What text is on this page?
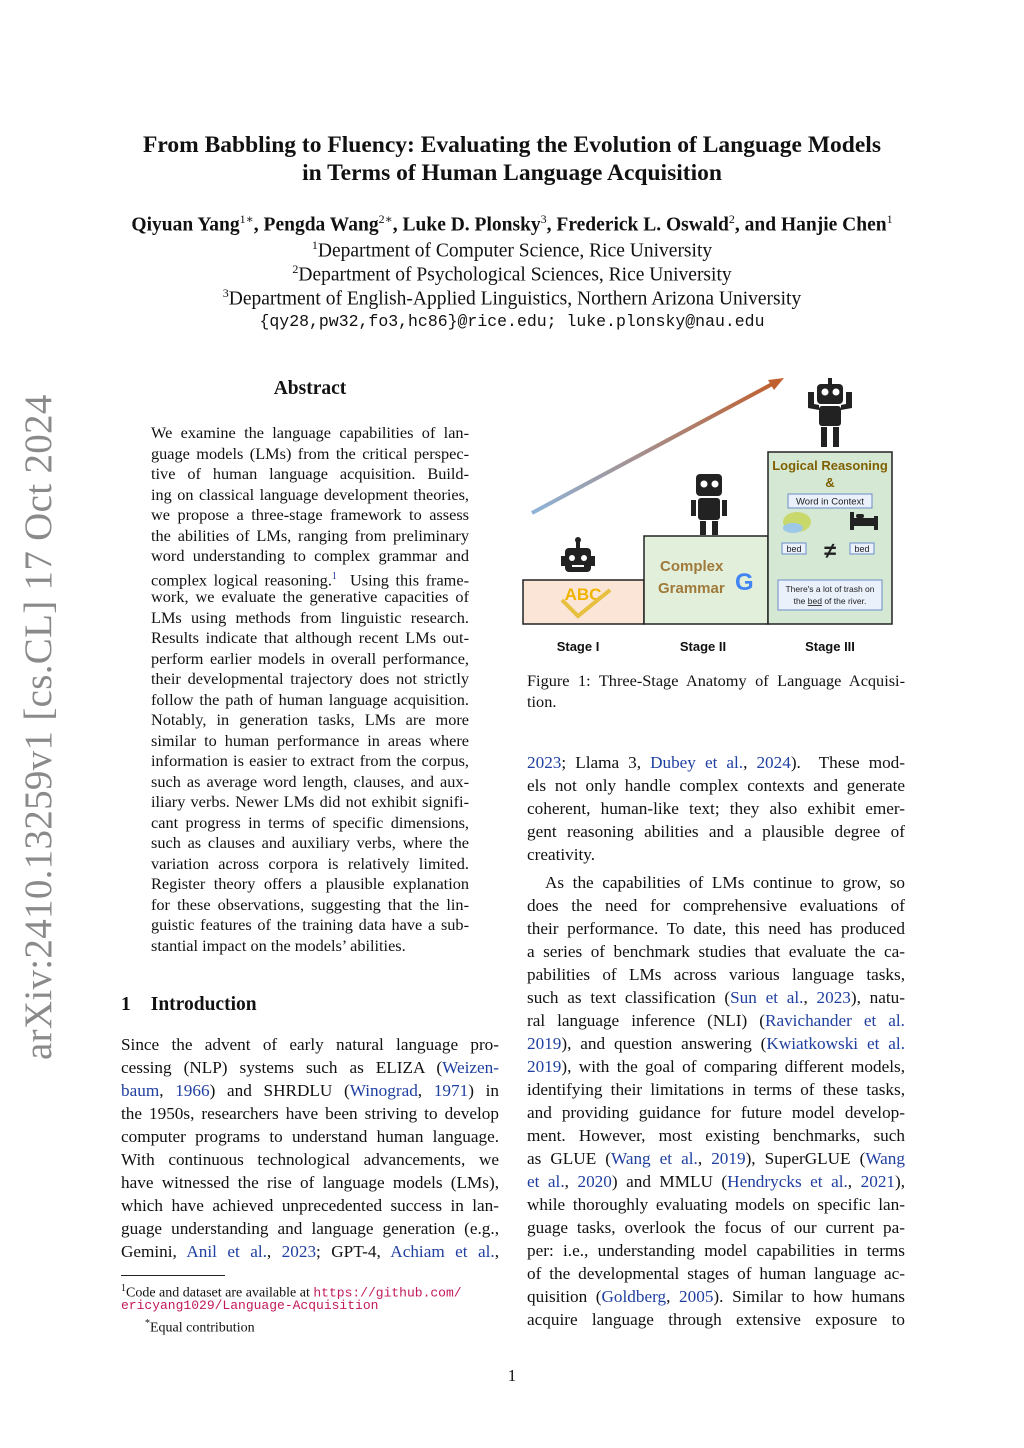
arXiv:2410.13259v1 [cs.CL] 17 Oct 2024
From Babbling to Fluency: Evaluating the Evolution of Language Models
in Terms of Human Language Acquisition
Qiyuan Yang$^{1∗}$, Pengda Wang$^{2∗}$, Luke D. Plonsky$^3$, Frederick L. Oswald$^2$, and Hanjie Chen$^1$
$^1$Department of Computer Science, Rice University
$^2$Department of Psychological Sciences, Rice University
$^3$Department of English-Applied Linguistics, Northern Arizona University
{qy28,pw32,fo3,hc86}@rice.edu; luke.plonsky@nau.edu
Abstract
We examine the language capabilities of lan-
guage models (LMs) from the critical perspec-
tive of human language acquisition. Build-
ing on classical language development theories,
we propose a three-stage framework to assess
the abilities of LMs, ranging from preliminary
word understanding to complex grammar and
complex logical reasoning.$^1$  Using this frame-
work, we evaluate the generative capacities of
LMs using methods from linguistic research.
Results indicate that although recent LMs out-
perform earlier models in overall performance,
their developmental trajectory does not strictly
follow the path of human language acquisition.
Notably, in generation tasks, LMs are more
similar to human performance in areas where
information is easier to extract from the corpus,
such as average word length, clauses, and aux-
iliary verbs. Newer LMs did not exhibit signifi-
cant progress in terms of specific dimensions,
such as clauses and auxiliary verbs, where the
variation across corpora is relatively limited.
Register theory offers a plausible explanation
for these observations, suggesting that the lin-
guistic features of the training data have a sub-
stantial impact on the models’ abilities.
1 Introduction
Since the advent of early natural language pro-
cessing (NLP) systems such as ELIZA (Weizen-
baum, 1966) and SHRDLU (Winograd, 1971) in
the 1950s, researchers have been striving to develop
computer programs to understand human language.
With continuous technological advancements, we
have witnessed the rise of language models (LMs),
which have achieved unprecedented success in lan-
guage understanding and language generation (e.g.,
Gemini, Anil et al., 2023; GPT-4, Achiam et al.,
$^1$Code and dataset are available at https://github.com/
ericyang1029/Language-Acquisition
*Equal contribution
ABC
Complex
Grammar G
Logical Reasoning
&
Word in Context
bed ≠ bed
There's a lot of trash on
the bed of the river.
Stage I	Stage II	Stage III
Figure 1: Three-Stage Anatomy of Language Acquisi-
tion.
2023; Llama 3, Dubey et al., 2024).  These mod-
els not only handle complex contexts and generate
coherent, human-like text; they also exhibit emer-
gent reasoning abilities and a plausible degree of
creativity.
As the capabilities of LMs continue to grow, so
does the need for comprehensive evaluations of
their performance. To date, this need has produced
a series of benchmark studies that evaluate the ca-
pabilities of LMs across various language tasks,
such as text classification (Sun et al., 2023), natu-
ral language inference (NLI) (Ravichander et al.
2019), and question answering (Kwiatkowski et al.
2019), with the goal of comparing different models,
identifying their limitations in terms of these tasks,
and providing guidance for future model develop-
ment. However, most existing benchmarks, such
as GLUE (Wang et al., 2019), SuperGLUE (Wang
et al., 2020) and MMLU (Hendrycks et al., 2021),
while thoroughly evaluating models on specific lan-
guage tasks, overlook the focus of our current pa-
per: i.e., understanding model capabilities in terms
of the developmental stages of human language ac-
quisition (Goldberg, 2005). Similar to how humans
acquire language through extensive exposure to
1
